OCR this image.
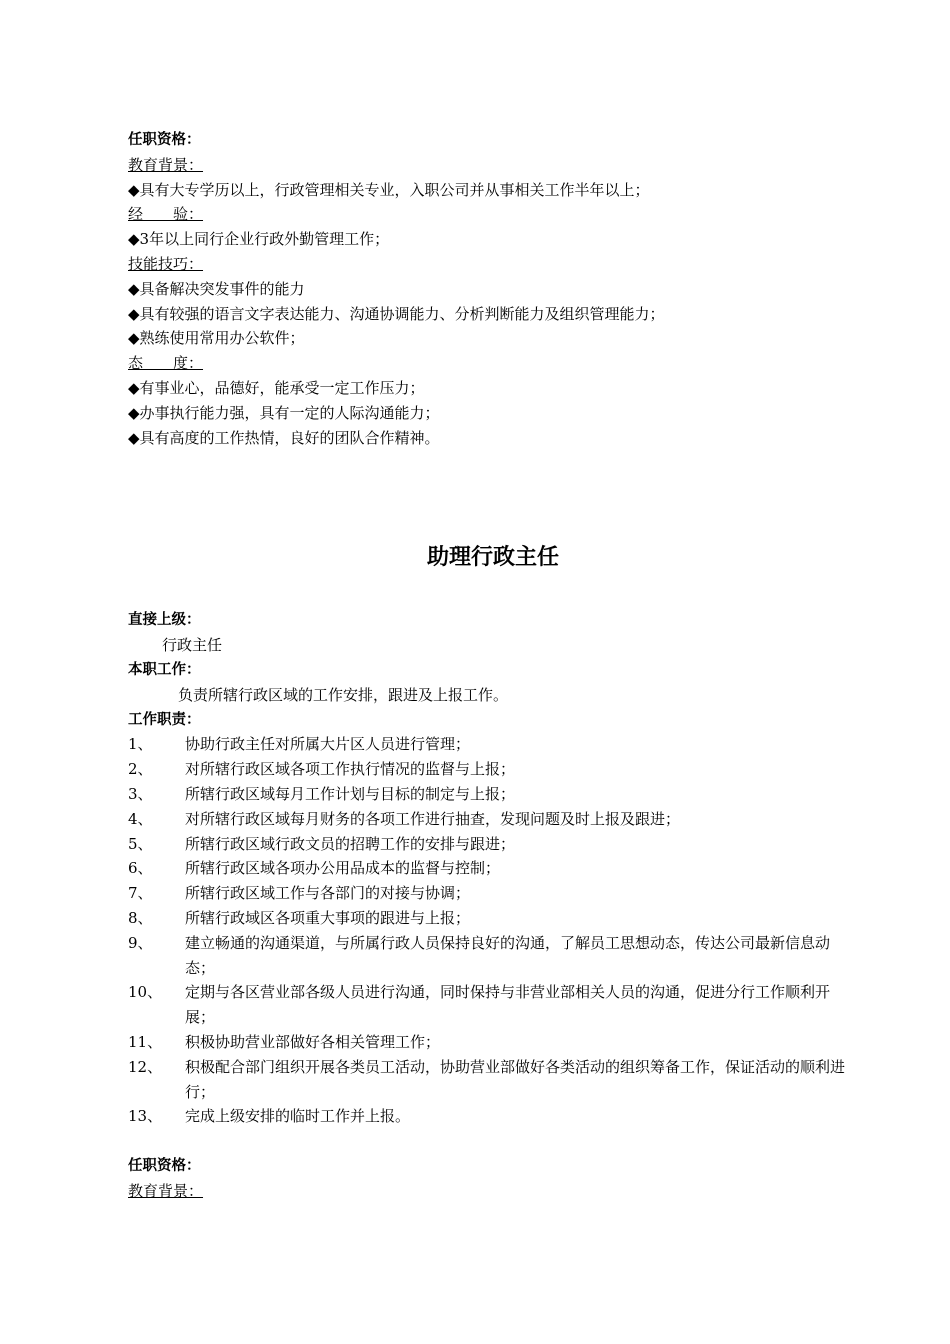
任职资格：
教育背景：
◆具有大专学历以上，行政管理相关专业，入职公司并从事相关工作半年以上；
经　　验：
◆3年以上同行企业行政外勤管理工作；
技能技巧：
◆具备解决突发事件的能力
◆具有较强的语言文字表达能力、沟通协调能力、分析判断能力及组织管理能力；
◆熟练使用常用办公软件；
态　　度：
◆有事业心，品德好，能承受一定工作压力；
◆办事执行能力强，具有一定的人际沟通能力；
◆具有高度的工作热情，良好的团队合作精神。
助理行政主任
直接上级：
行政主任
本职工作：
负责所辖行政区域的工作安排，跟进及上报工作。
工作职责：
1、	协助行政主任对所属大片区人员进行管理；
2、	对所辖行政区域各项工作执行情况的监督与上报；
3、	所辖行政区域每月工作计划与目标的制定与上报；
4、	对所辖行政区域每月财务的各项工作进行抽查，发现问题及时上报及跟进；
5、	所辖行政区域行政文员的招聘工作的安排与跟进；
6、	所辖行政区域各项办公用品成本的监督与控制；
7、	所辖行政区域工作与各部门的对接与协调；
8、	所辖行政域区各项重大事项的跟进与上报；
9、	建立畅通的沟通渠道，与所属行政人员保持良好的沟通，了解员工思想动态，传达公司最新信息动态；
10、	定期与各区营业部各级人员进行沟通，同时保持与非营业部相关人员的沟通，促进分行工作顺利开展；
11、	积极协助营业部做好各相关管理工作；
12、	积极配合部门组织开展各类员工活动，协助营业部做好各类活动的组织筹备工作，保证活动的顺利进行；
13、	完成上级安排的临时工作并上报。
任职资格：
教育背景：
